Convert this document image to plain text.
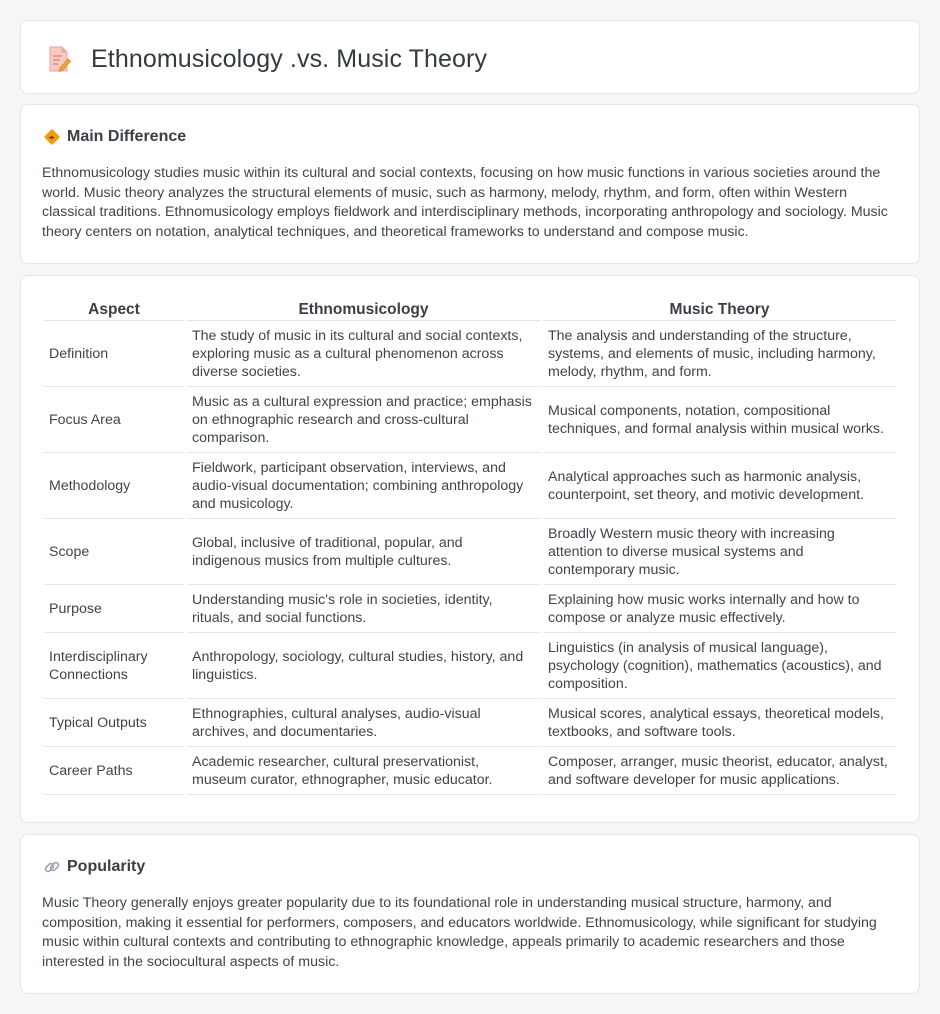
Ethnomusicology .vs. Music Theory
Main Difference

Ethnomusicology studies music within its cultural and social contexts, focusing on how music functions in various societies around the world. Music theory analyzes the structural elements of music, such as harmony, melody, rhythm, and form, often within Western classical traditions. Ethnomusicology employs fieldwork and interdisciplinary methods, incorporating anthropology and sociology. Music theory centers on notation, analytical techniques, and theoretical frameworks to understand and compose music.

Aspect	Ethnomusicology	Music Theory
Definition	The study of music in its cultural and social contexts, exploring music as a cultural phenomenon across diverse societies.	The analysis and understanding of the structure, systems, and elements of music, including harmony, melody, rhythm, and form.
Focus Area	Music as a cultural expression and practice; emphasis on ethnographic research and cross-cultural comparison.	Musical components, notation, compositional techniques, and formal analysis within musical works.
Methodology	Fieldwork, participant observation, interviews, and audio-visual documentation; combining anthropology and musicology.	Analytical approaches such as harmonic analysis, counterpoint, set theory, and motivic development.
Scope	Global, inclusive of traditional, popular, and indigenous musics from multiple cultures.	Broadly Western music theory with increasing attention to diverse musical systems and contemporary music.
Purpose	Understanding music's role in societies, identity, rituals, and social functions.	Explaining how music works internally and how to compose or analyze music effectively.
Interdisciplinary Connections	Anthropology, sociology, cultural studies, history, and linguistics.	Linguistics (in analysis of musical language), psychology (cognition), mathematics (acoustics), and composition.
Typical Outputs	Ethnographies, cultural analyses, audio-visual archives, and documentaries.	Musical scores, analytical essays, theoretical models, textbooks, and software tools.
Career Paths	Academic researcher, cultural preservationist, museum curator, ethnographer, music educator.	Composer, arranger, music theorist, educator, analyst, and software developer for music applications.
Popularity

Music Theory generally enjoys greater popularity due to its foundational role in understanding musical structure, harmony, and composition, making it essential for performers, composers, and educators worldwide. Ethnomusicology, while significant for studying music within cultural contexts and contributing to ethnographic knowledge, appeals primarily to academic researchers and those interested in the sociocultural aspects of music.
